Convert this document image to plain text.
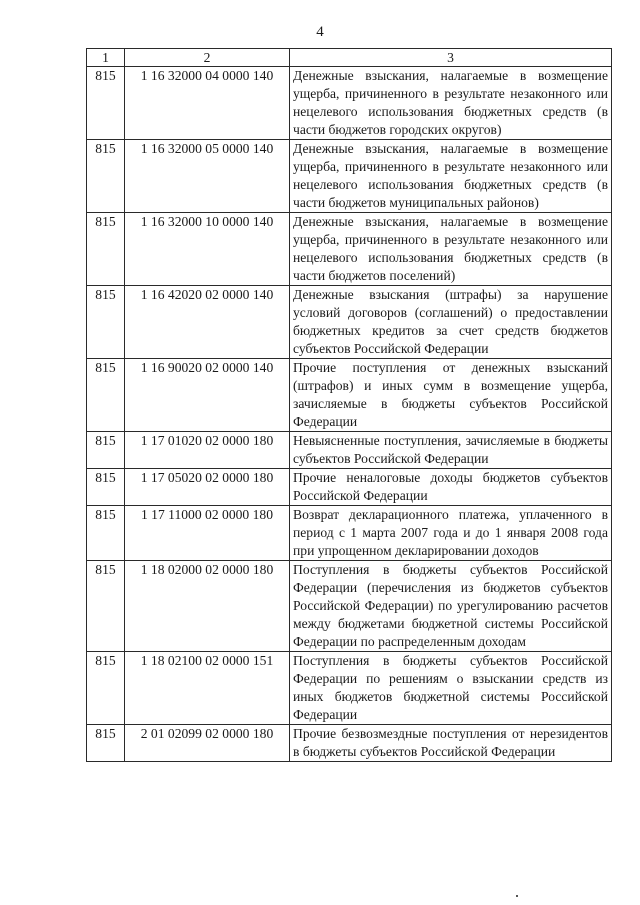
4
1	2	3
815	1 16 32000 04 0000 140	Денежные взыскания, налагаемые в возмещение ущерба, причиненного в результате незаконного или нецелевого использования бюджетных средств (в части бюджетов городских округов)
815	1 16 32000 05 0000 140	Денежные взыскания, налагаемые в возмещение ущерба, причиненного в результате незаконного или нецелевого использования бюджетных средств (в части бюджетов муниципальных районов)
815	1 16 32000 10 0000 140	Денежные взыскания, налагаемые в возмещение ущерба, причиненного в результате незаконного или нецелевого использования бюджетных средств (в части бюджетов поселений)
815	1 16 42020 02 0000 140	Денежные взыскания (штрафы) за нарушение условий договоров (соглашений) о предоставлении бюджетных кредитов за счет средств бюджетов субъектов Российской Федерации
815	1 16 90020 02 0000 140	Прочие поступления от денежных взысканий (штрафов) и иных сумм в возмещение ущерба, зачисляемые в бюджеты субъектов Российской Федерации
815	1 17 01020 02 0000 180	Невыясненные поступления, зачисляемые в бюджеты субъектов Российской Федерации
815	1 17 05020 02 0000 180	Прочие неналоговые доходы бюджетов субъектов Российской Федерации
815	1 17 11000 02 0000 180	Возврат декларационного платежа, уплаченного в период с 1 марта 2007 года и до 1 января 2008 года при упрощенном декларировании доходов
815	1 18 02000 02 0000 180	Поступления в бюджеты субъектов Российской Федерации (перечисления из бюджетов субъектов Российской Федерации) по урегулированию расчетов между бюджетами бюджетной системы Российской Федерации по распределенным доходам
815	1 18 02100 02 0000 151	Поступления в бюджеты субъектов Российской Федерации по решениям о взыскании средств из иных бюджетов бюджетной системы Российской Федерации
815	2 01 02099 02 0000 180	Прочие безвозмездные поступления от нерезидентов в бюджеты субъектов Российской Федерации
